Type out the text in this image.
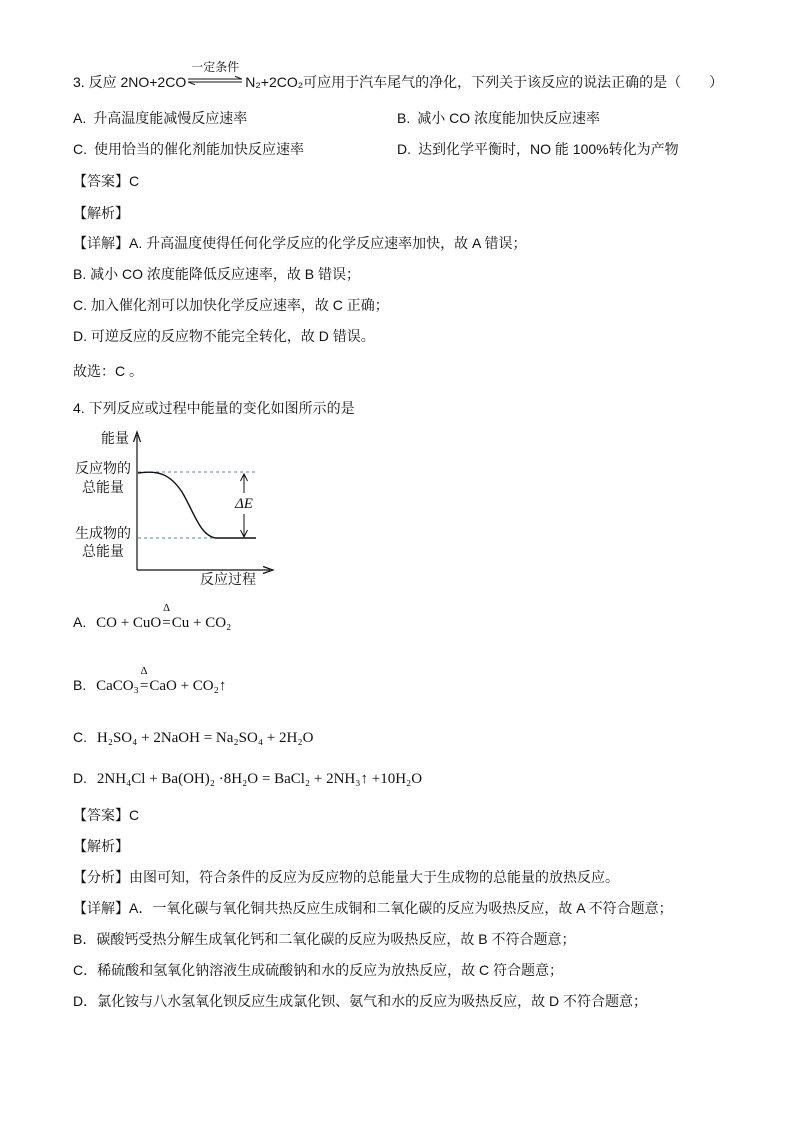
3. 反应 2NO+2CO
一定条件
N₂+2CO₂可应用于汽车尾气的净化，下列关于该反应的说法正确的是（　　）
A. 升高温度能减慢反应速率	B. 减小 CO 浓度能加快反应速率
C. 使用恰当的催化剂能加快反应速率	D. 达到化学平衡时，NO 能 100%转化为产物
【答案】C
【解析】
【详解】A. 升高温度使得任何化学反应的化学反应速率加快，故 A 错误；
B. 减小 CO 浓度能降低反应速率，故 B 错误；
C. 加入催化剂可以加快化学反应速率，故 C 正确；
D. 可逆反应的反应物不能完全转化，故 D 错误。
故选：C 。
4. 下列反应或过程中能量的变化如图所示的是
能量
反应物的
总能量
ΔE
生成物的
总能量
反应过程
A. CO + CuO
Δ
=Cu + CO₂
B. CaCO₃
Δ
=CaO + CO₂↑
C. H₂SO₄ + 2NaOH = Na₂SO₄ + 2H₂O
D. 2NH₄Cl + Ba(OH)₂ ·8H₂O = BaCl₂ + 2NH₃↑ +10H₂O
【答案】C
【解析】
【分析】由图可知，符合条件的反应为反应物的总能量大于生成物的总能量的放热反应。
【详解】A．一氧化碳与氧化铜共热反应生成铜和二氧化碳的反应为吸热反应，故 A 不符合题意；
B．碳酸钙受热分解生成氧化钙和二氧化碳的反应为吸热反应，故 B 不符合题意；
C．稀硫酸和氢氧化钠溶液生成硫酸钠和水的反应为放热反应，故 C 符合题意；
D．氯化铵与八水氢氧化钡反应生成氯化钡、氨气和水的反应为吸热反应，故 D 不符合题意；
